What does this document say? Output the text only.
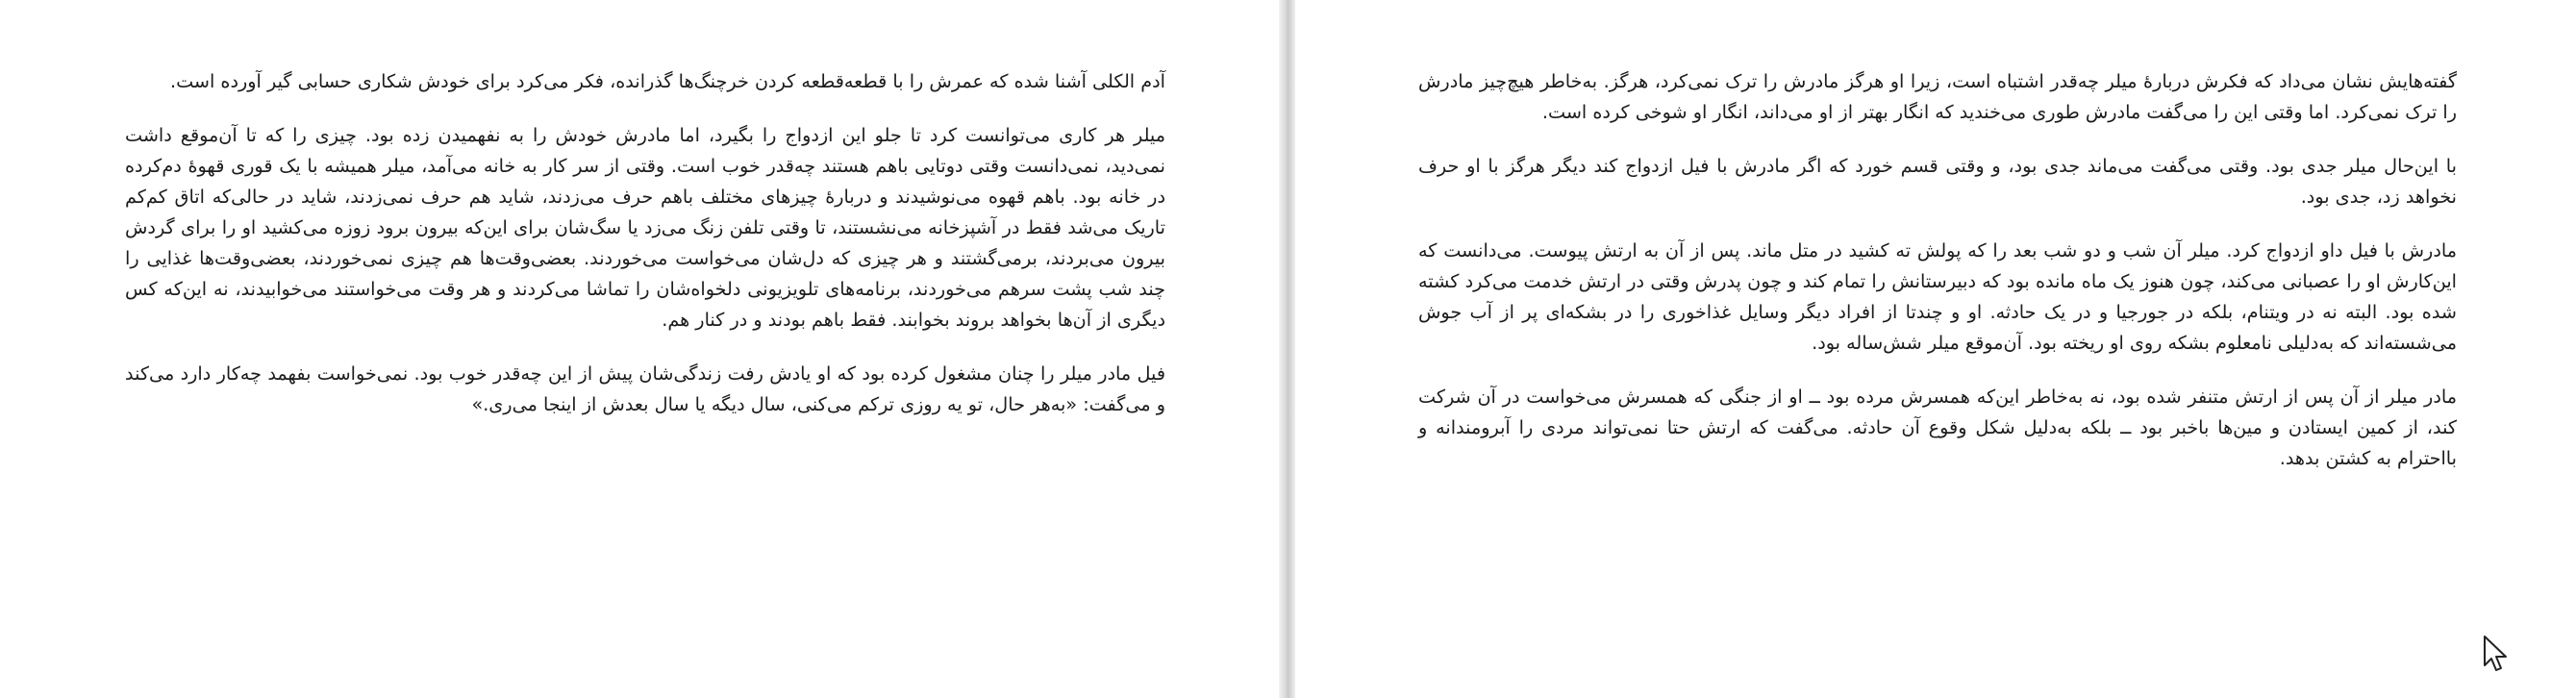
آدم الکلی آشنا شده که عمرش را با قطعه‌قطعه کردن خرچنگ‌ها گذرانده، فکر می‌کرد برای خودش شکاری حسابی گیر آورده است.

میلر هر کاری می‌توانست کرد تا جلو این ازدواج را بگیرد، اما مادرش خودش را به نفهمیدن زده بود. چیزی را که تا آن‌موقع داشت نمی‌دید، نمی‌دانست وقتی دوتایی باهم هستند چه‌قدر خوب است. وقتی از سر کار به خانه می‌آمد، میلر همیشه با یک قوری قهوهٔ دم‌کرده در خانه بود. باهم قهوه می‌نوشیدند و دربارهٔ چیزهای مختلف باهم حرف می‌زدند، شاید هم حرف نمی‌زدند، شاید در حالی‌که اتاق کم‌کم تاریک می‌شد فقط در آشپزخانه می‌نشستند، تا وقتی تلفن زنگ می‌زد یا سگ‌شان برای این‌که بیرون برود زوزه می‌کشید او را برای گردش بیرون می‌بردند، برمی‌گشتند و هر چیزی که دل‌شان می‌خواست می‌خوردند. بعضی‌وقت‌ها هم چیزی نمی‌خوردند، بعضی‌وقت‌ها غذایی را چند شب پشت سرهم می‌خوردند، برنامه‌های تلویزیونی دلخواه‌شان را تماشا می‌کردند و هر وقت می‌خواستند می‌خوابیدند، نه این‌که کس دیگری از آن‌ها بخواهد بروند بخوابند. فقط باهم بودند و در کنار هم.

فیل مادر میلر را چنان مشغول کرده بود که او یادش رفت زندگی‌شان پیش از این چه‌قدر خوب بود. نمی‌خواست بفهمد چه‌کار دارد می‌کند و می‌گفت: «به‌هر حال، تو یه روزی ترکم می‌کنی، سال دیگه یا سال بعدش از اینجا می‌ری.»

گفته‌هایش نشان می‌داد که فکرش دربارهٔ میلر چه‌قدر اشتباه است، زیرا او هرگز مادرش را ترک نمی‌کرد، هرگز. به‌خاطر هیچ‌چیز مادرش را ترک نمی‌کرد. اما وقتی این را می‌گفت مادرش طوری می‌خندید که انگار بهتر از او می‌داند، انگار او شوخی کرده است.

با این‌حال میلر جدی بود. وقتی می‌گفت می‌ماند جدی بود، و وقتی قسم خورد که اگر مادرش با فیل ازدواج کند دیگر هرگز با او حرف نخواهد زد، جدی بود.

مادرش با فیل داو ازدواج کرد. میلر آن شب و دو شب بعد را که پولش ته کشید در متل ماند. پس از آن به ارتش پیوست. می‌دانست که این‌کارش او را عصبانی می‌کند، چون هنوز یک ماه مانده بود که دبیرستانش را تمام کند و چون پدرش وقتی در ارتش خدمت می‌کرد کشته شده بود. البته نه در ویتنام، بلکه در جورجیا و در یک حادثه. او و چندتا از افراد دیگر وسایل غذاخوری را در بشکه‌ای پر از آب جوش می‌شسته‌اند که به‌دلیلی نامعلوم بشکه روی او ریخته بود. آن‌موقع میلر شش‌ساله بود.

مادر میلر از آن پس از ارتش متنفر شده بود، نه به‌خاطر این‌که همسرش مرده بود ــ او از جنگی که همسرش می‌خواست در آن شرکت کند، از کمین ایستادن و مین‌ها باخبر بود ــ بلکه به‌دلیل شکل وقوع آن حادثه. می‌گفت که ارتش حتا نمی‌تواند مردی را آبرومندانه و بااحترام به کشتن بدهد.
